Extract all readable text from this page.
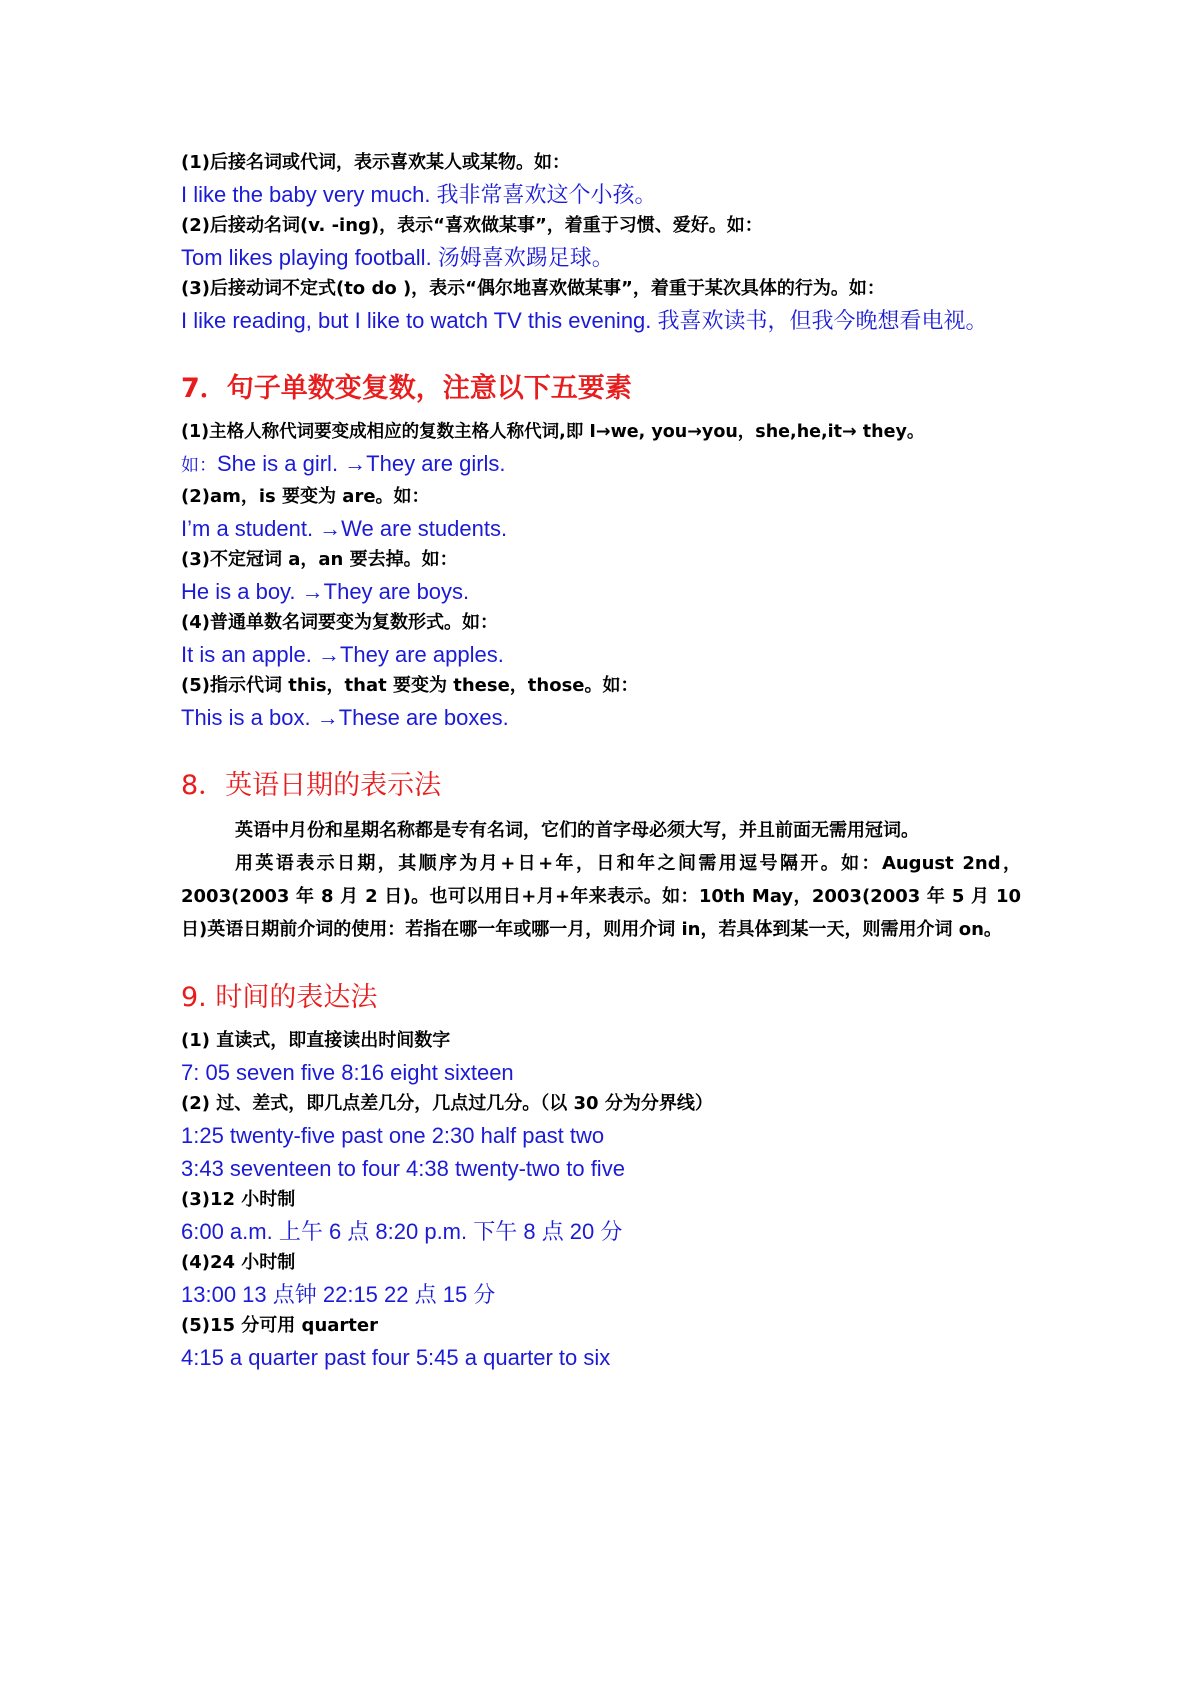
(1)后接名词或代词，表示喜欢某人或某物。如：
I like the baby very much. 我非常喜欢这个小孩。
(2)后接动名词(v. -ing)，表示“喜欢做某事”，着重于习惯、爱好。如：
Tom likes playing football. 汤姆喜欢踢足球。
(3)后接动词不定式(to do )，表示“偶尔地喜欢做某事”，着重于某次具体的行为。如：
I like reading, but I like to watch TV this evening. 我喜欢读书，但我今晚想看电视。
7．句子单数变复数，注意以下五要素
(1)主格人称代词要变成相应的复数主格人称代词,即 I→we, you→you，she,he,it→ they。
如：She is a girl. →They are girls.
(2)am，is 要变为 are。如：
I’m a student. →We are students.
(3)不定冠词 a，an 要去掉。如：
He is a boy. →They are boys.
(4)普通单数名词要变为复数形式。如：
It is an apple. →They are apples.
(5)指示代词 this，that 要变为 these，those。如：
This is a box. →These are boxes.
8．英语日期的表示法
英语中月份和星期名称都是专有名词，它们的首字母必须大写，并且前面无需用冠词。
用英语表示日期，其顺序为月+日+年，日和年之间需用逗号隔开。如：August 2nd，2003(2003 年 8 月 2 日)。也可以用日+月+年来表示。如：10th May，2003(2003 年 5 月 10 日)英语日期前介词的使用：若指在哪一年或哪一月，则用介词 in，若具体到某一天，则需用介词 on。
9. 时间的表达法
(1) 直读式，即直接读出时间数字
7: 05 seven five 8:16 eight sixteen
(2) 过、差式，即几点差几分，几点过几分。（以 30 分为分界线）
1:25 twenty-five past one 2:30 half past two
3:43 seventeen to four 4:38 twenty-two to five
(3)12 小时制
6:00 a.m. 上午 6 点 8:20 p.m. 下午 8 点 20 分
(4)24 小时制
13:00 13 点钟 22:15 22 点 15 分
(5)15 分可用 quarter
4:15 a quarter past four 5:45 a quarter to six
